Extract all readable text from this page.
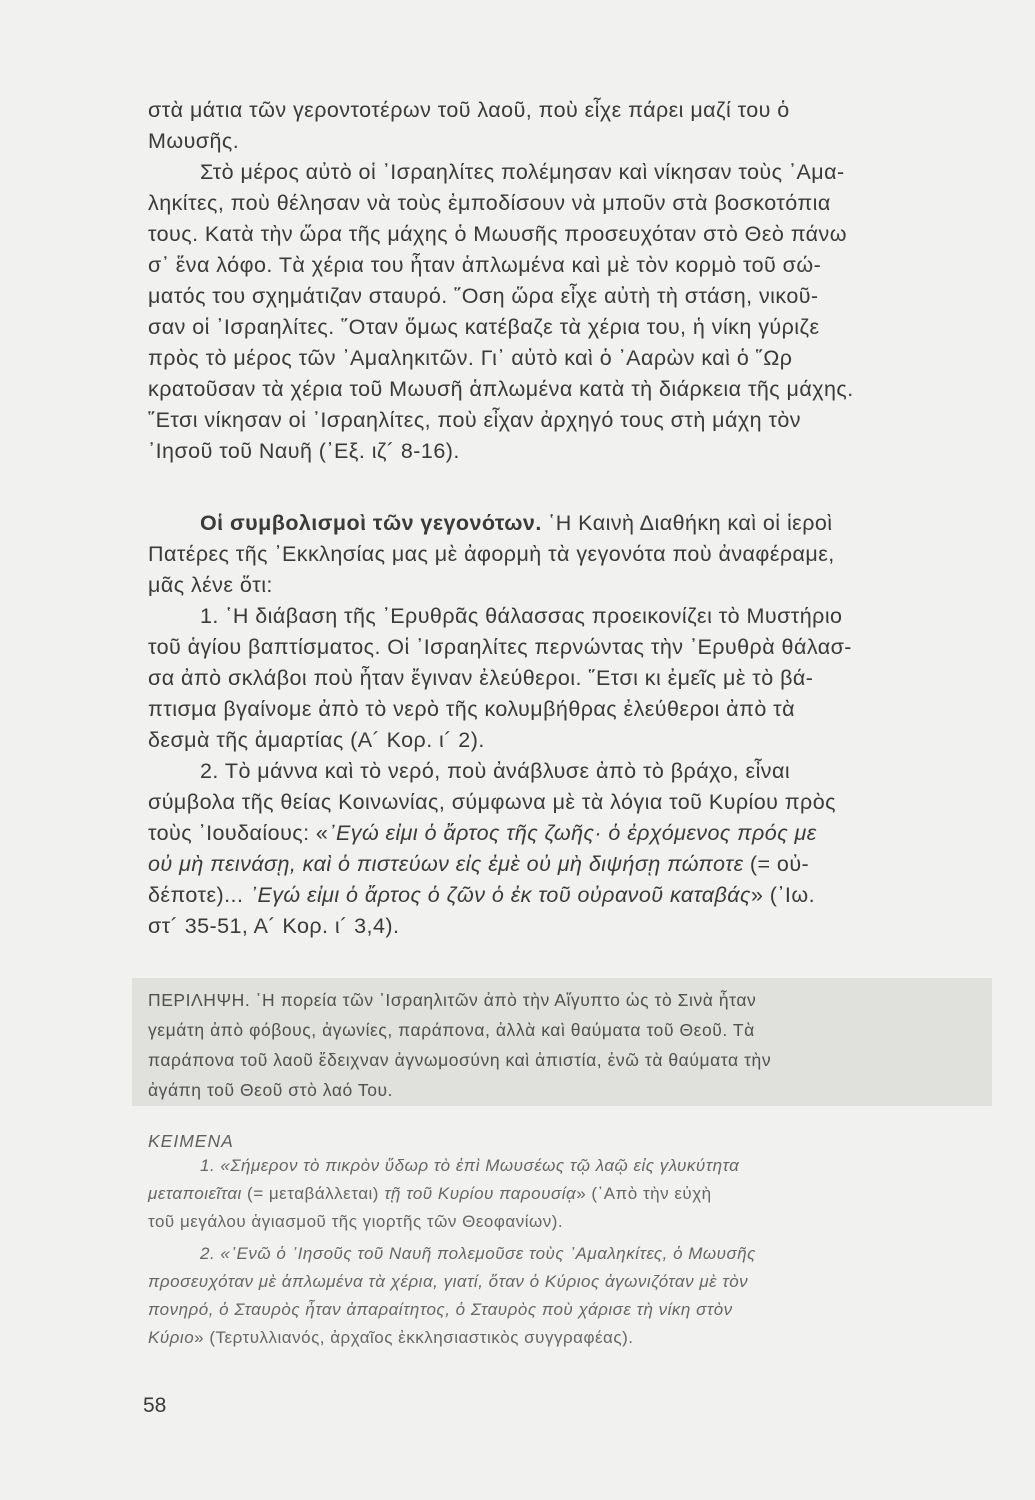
στὰ μάτια τῶν γεροντοτέρων τοῦ λαοῦ, ποὺ εἶχε πάρει μαζί του ὁ
Μωυσῆς.
Στὸ μέρος αὐτὸ οἱ ᾿Ισραηλίτες πολέμησαν καὶ νίκησαν τοὺς ᾿Αμα-
ληκίτες, ποὺ θέλησαν νὰ τοὺς ἐμποδίσουν νὰ μποῦν στὰ βοσκοτόπια
τους. Κατὰ τὴν ὥρα τῆς μάχης ὁ Μωυσῆς προσευχόταν στὸ Θεὸ πάνω
σ᾿ ἕνα λόφο. Τὰ χέρια του ἦταν ἁπλωμένα καὶ μὲ τὸν κορμὸ τοῦ σώ-
ματός του σχημάτιζαν σταυρό. ῞Οση ὥρα εἶχε αὐτὴ τὴ στάση, νικοῦ-
σαν οἱ ᾿Ισραηλίτες. ῞Οταν ὅμως κατέβαζε τὰ χέρια του, ἡ νίκη γύριζε
πρὸς τὸ μέρος τῶν ᾿Αμαληκιτῶν. Γι᾿ αὐτὸ καὶ ὁ ᾿Ααρὼν καὶ ὁ ῞Ωρ
κρατοῦσαν τὰ χέρια τοῦ Μωυσῆ ἁπλωμένα κατὰ τὴ διάρκεια τῆς μάχης.
῞Ετσι νίκησαν οἱ ᾿Ισραηλίτες, ποὺ εἶχαν ἀρχηγό τους στὴ μάχη τὸν
᾿Ιησοῦ τοῦ Ναυῆ (᾿Εξ. ιζ´ 8-16).
Οἱ συμβολισμοὶ τῶν γεγονότων. ῾Η Καινὴ Διαθήκη καὶ οἱ ἱεροὶ
Πατέρες τῆς ᾿Εκκλησίας μας μὲ ἀφορμὴ τὰ γεγονότα ποὺ ἀναφέραμε,
μᾶς λένε ὅτι:
1. ῾Η διάβαση τῆς ᾿Ερυθρᾶς θάλασσας προεικονίζει τὸ Μυστήριο
τοῦ ἁγίου βαπτίσματος. Οἱ ᾿Ισραηλίτες περνώντας τὴν ᾿Ερυθρὰ θάλασ-
σα ἀπὸ σκλάβοι ποὺ ἦταν ἔγιναν ἐλεύθεροι. ῞Ετσι κι ἐμεῖς μὲ τὸ βά-
πτισμα βγαίνομε ἀπὸ τὸ νερὸ τῆς κολυμβήθρας ἐλεύθεροι ἀπὸ τὰ
δεσμὰ τῆς ἁμαρτίας (Α´ Κορ. ι´ 2).
2. Τὸ μάννα καὶ τὸ νερό, ποὺ ἀνάβλυσε ἀπὸ τὸ βράχο, εἶναι
σύμβολα τῆς θείας Κοινωνίας, σύμφωνα μὲ τὰ λόγια τοῦ Κυρίου πρὸς
τοὺς ᾿Ιουδαίους: «᾿Εγώ εἰμι ὁ ἄρτος τῆς ζωῆς· ὁ ἐρχόμενος πρός με
οὐ μὴ πεινάσῃ, καὶ ὁ πιστεύων εἰς ἐμὲ οὐ μὴ διψήσῃ πώποτε (= οὐ-
δέποτε)... ᾿Εγώ εἰμι ὁ ἄρτος ὁ ζῶν ὁ ἐκ τοῦ οὐρανοῦ καταβάς» (᾿Ιω.
στ´ 35-51, Α´ Κορ. ι´ 3,4).
ΠΕΡΙΛΗΨΗ. ῾Η πορεία τῶν ᾿Ισραηλιτῶν ἀπὸ τὴν Αἴγυπτο ὡς τὸ Σινὰ ἦταν
γεμάτη ἀπὸ φόβους, ἀγωνίες, παράπονα, ἀλλὰ καὶ θαύματα τοῦ Θεοῦ. Τὰ
παράπονα τοῦ λαοῦ ἔδειχναν ἀγνωμοσύνη καὶ ἀπιστία, ἐνῶ τὰ θαύματα τὴν
ἀγάπη τοῦ Θεοῦ στὸ λαό Του.
ΚΕΙΜΕΝΑ
1. «Σήμερον τὸ πικρὸν ὕδωρ τὸ ἐπὶ Μωυσέως τῷ λαῷ εἰς γλυκύτητα
μεταποιεῖται (= μεταβάλλεται) τῇ τοῦ Κυρίου παρουσίᾳ» (᾿Απὸ τὴν εὐχὴ
τοῦ μεγάλου ἁγιασμοῦ τῆς γιορτῆς τῶν Θεοφανίων).
2. «᾿Ενῶ ὁ ᾿Ιησοῦς τοῦ Ναυῆ πολεμοῦσε τοὺς ᾿Αμαληκίτες, ὁ Μωυσῆς
προσευχόταν μὲ ἁπλωμένα τὰ χέρια, γιατί, ὅταν ὁ Κύριος ἀγωνιζόταν μὲ τὸν
πονηρό, ὁ Σταυρὸς ἦταν ἀπαραίτητος, ὁ Σταυρὸς ποὺ χάρισε τὴ νίκη στὸν
Κύριο» (Τερτυλλιανός, ἀρχαῖος ἐκκλησιαστικὸς συγγραφέας).
58
